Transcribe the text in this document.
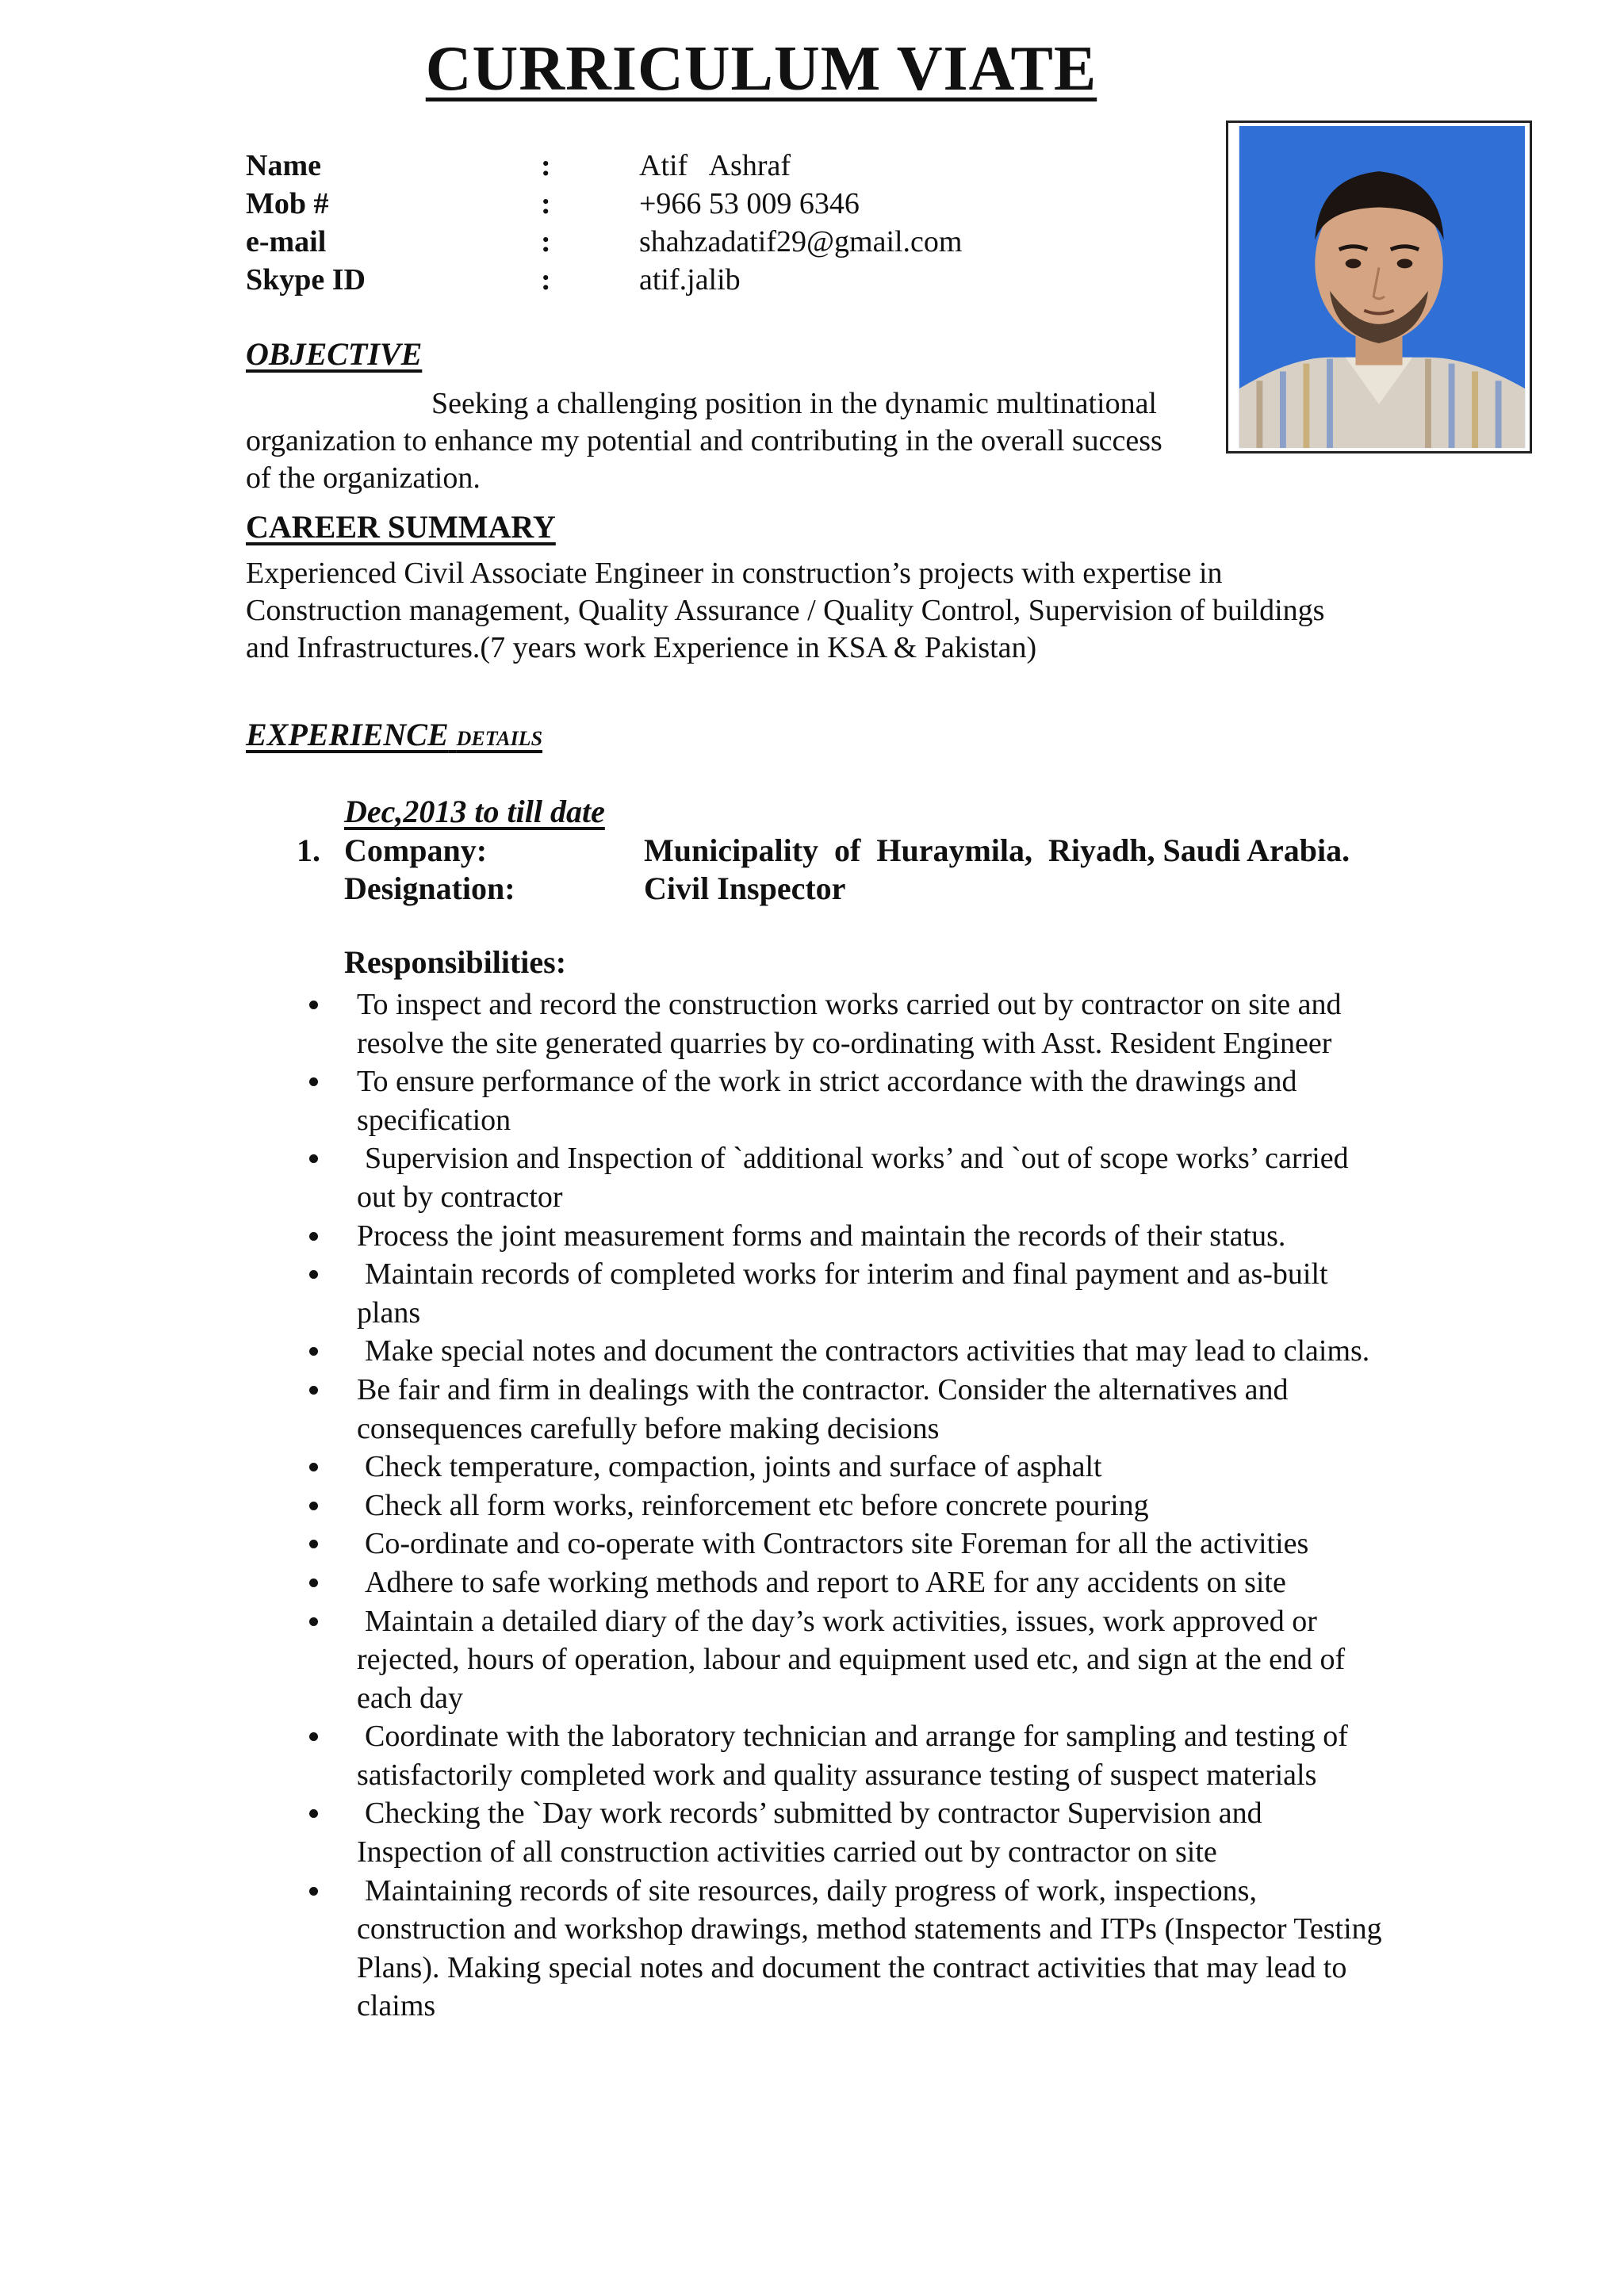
CURRICULUM VIATE
Name	:	Atif   Ashraf
Mob #	:	+966 53 009 6346
e-mail	:	shahzadatif29@gmail.com
Skype ID	:	atif.jalib
OBJECTIVE
Seeking a challenging position in the dynamic multinational organization to enhance my potential and contributing in the overall success of the organization.
CAREER SUMMARY
Experienced Civil Associate Engineer in construction’s projects with expertise in Construction management, Quality Assurance / Quality Control, Supervision of buildings and Infrastructures.(7 years work Experience in KSA & Pakistan)
EXPERIENCE DETAILS
Dec,2013 to till date
1. Company:	Municipality  of  Huraymila,  Riyadh, Saudi Arabia.
Designation:	Civil Inspector
Responsibilities:
To inspect and record the construction works carried out by contractor on site and resolve the site generated quarries by co-ordinating with Asst. Resident Engineer
To ensure performance of the work in strict accordance with the drawings and specification
Supervision and Inspection of `additional works’ and `out of scope works’ carried out by contractor
Process the joint measurement forms and maintain the records of their status.
Maintain records of completed works for interim and final payment and as-built plans
Make special notes and document the contractors activities that may lead to claims.
Be fair and firm in dealings with the contractor. Consider the alternatives and consequences carefully before making decisions
Check temperature, compaction, joints and surface of asphalt
Check all form works, reinforcement etc before concrete pouring
Co-ordinate and co-operate with Contractors site Foreman for all the activities
Adhere to safe working methods and report to ARE for any accidents on site
Maintain a detailed diary of the day’s work activities, issues, work approved or rejected, hours of operation, labour and equipment used etc, and sign at the end of each day
Coordinate with the laboratory technician and arrange for sampling and testing of satisfactorily completed work and quality assurance testing of suspect materials
Checking the `Day work records’ submitted by contractor Supervision and Inspection of all construction activities carried out by contractor on site
Maintaining records of site resources, daily progress of work, inspections, construction and workshop drawings, method statements and ITPs (Inspector Testing Plans). Making special notes and document the contract activities that may lead to claims
